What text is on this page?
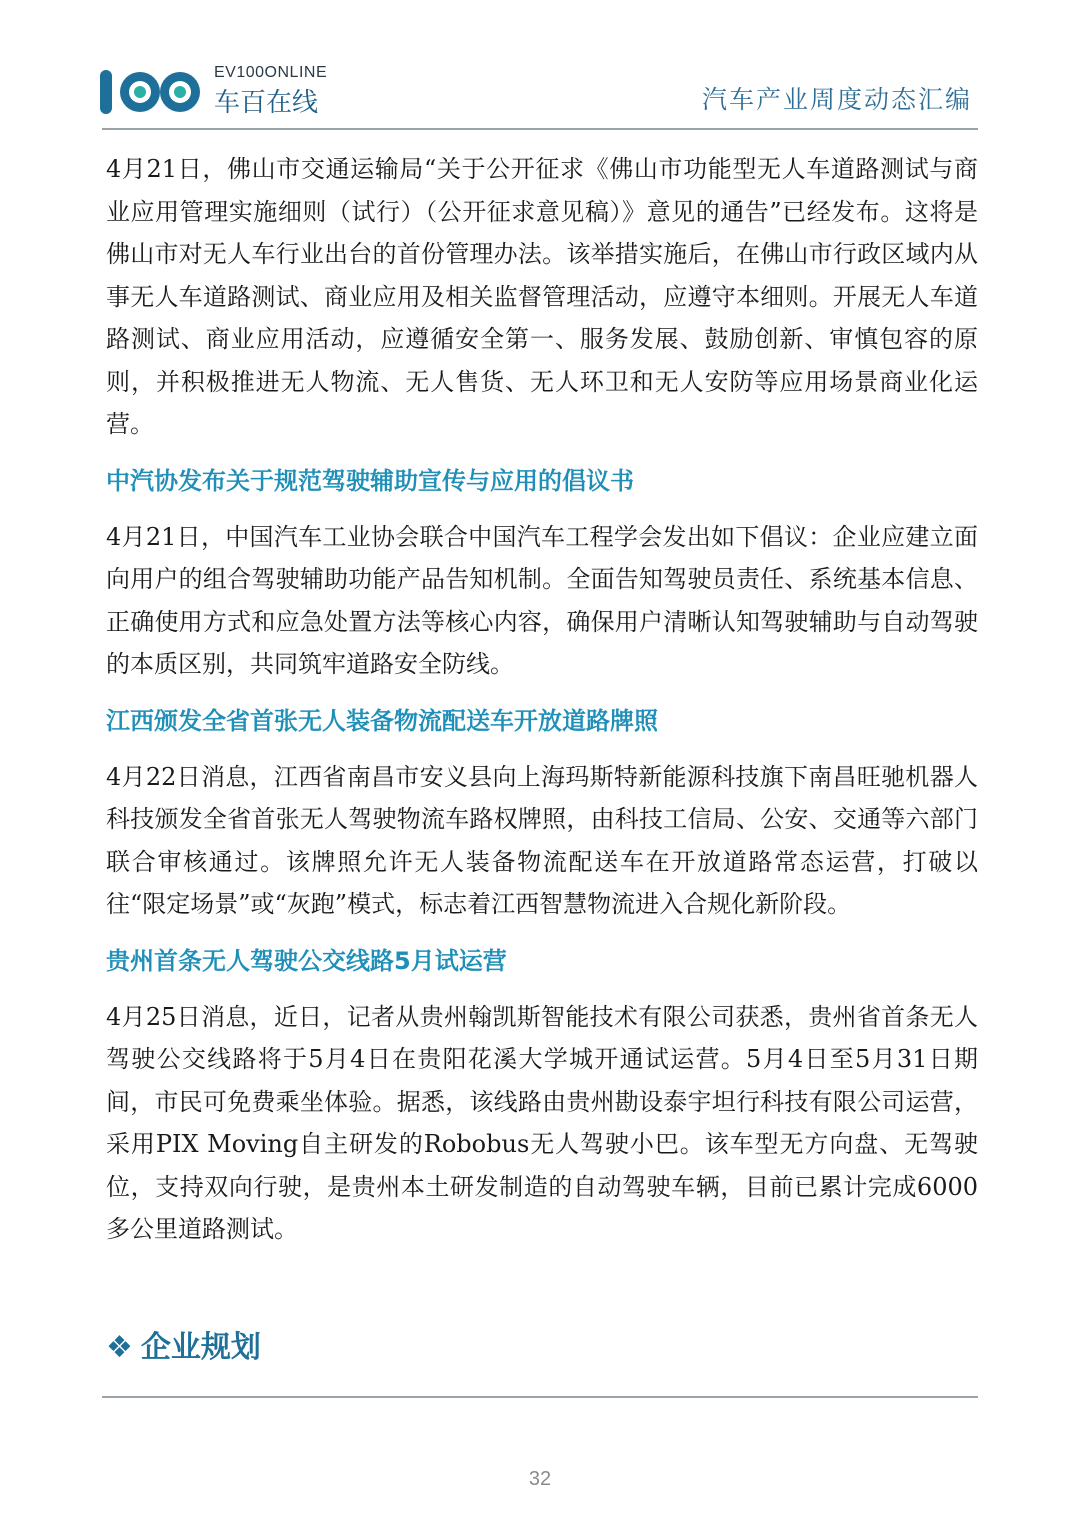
EV100ONLINE
车百在线	汽车产业周度动态汇编

4月21日，佛山市交通运输局“关于公开征求《佛山市功能型无人车道路测试与商业应用管理实施细则（试行）（公开征求意见稿）》意见的通告”已经发布。这将是佛山市对无人车行业出台的首份管理办法。该举措实施后，在佛山市行政区域内从事无人车道路测试、商业应用及相关监督管理活动，应遵守本细则。开展无人车道路测试、商业应用活动，应遵循安全第一、服务发展、鼓励创新、审慎包容的原则，并积极推进无人物流、无人售货、无人环卫和无人安防等应用场景商业化运营。

中汽协发布关于规范驾驶辅助宣传与应用的倡议书

4月21日，中国汽车工业协会联合中国汽车工程学会发出如下倡议：企业应建立面向用户的组合驾驶辅助功能产品告知机制。全面告知驾驶员责任、系统基本信息、正确使用方式和应急处置方法等核心内容，确保用户清晰认知驾驶辅助与自动驾驶的本质区别，共同筑牢道路安全防线。

江西颁发全省首张无人装备物流配送车开放道路牌照

4月22日消息，江西省南昌市安义县向上海玛斯特新能源科技旗下南昌旺驰机器人科技颁发全省首张无人驾驶物流车路权牌照，由科技工信局、公安、交通等六部门联合审核通过。该牌照允许无人装备物流配送车在开放道路常态运营，打破以往“限定场景”或“灰跑”模式，标志着江西智慧物流进入合规化新阶段。

贵州首条无人驾驶公交线路5月试运营

4月25日消息，近日，记者从贵州翰凯斯智能技术有限公司获悉，贵州省首条无人驾驶公交线路将于5月4日在贵阳花溪大学城开通试运营。5月4日至5月31日期间，市民可免费乘坐体验。据悉，该线路由贵州勘设泰宇坦行科技有限公司运营，采用PIX Moving自主研发的Robobus无人驾驶小巴。该车型无方向盘、无驾驶位，支持双向行驶，是贵州本土研发制造的自动驾驶车辆，目前已累计完成6000多公里道路测试。

❖ 企业规划
32
